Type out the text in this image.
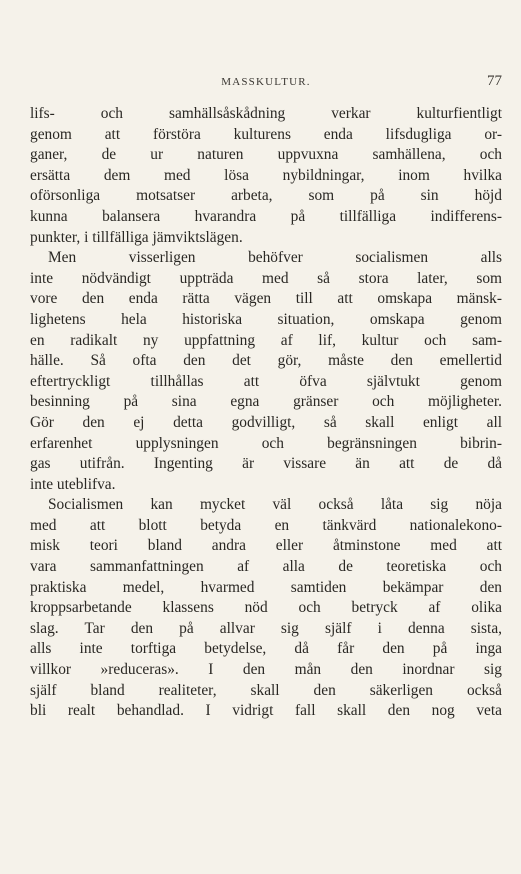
MASSKULTUR.	77
lifs- och samhällsåskådning verkar kulturfientligt
genom att förstöra kulturens enda lifsdugliga or-
ganer, de ur naturen uppvuxna samhällena, och
ersätta dem med lösa nybildningar, inom hvilka
oförsonliga motsatser arbeta, som på sin höjd
kunna balansera hvarandra på tillfälliga indifferens-
punkter, i tillfälliga jämviktslägen.
Men visserligen behöfver socialismen alls
inte nödvändigt uppträda med så stora later, som
vore den enda rätta vägen till att omskapa mänsk-
lighetens hela historiska situation, omskapa genom
en radikalt ny uppfattning af lif, kultur och sam-
hälle. Så ofta den det gör, måste den emellertid
eftertryckligt tillhållas att öfva självtukt genom
besinning på sina egna gränser och möjligheter.
Gör den ej detta godvilligt, så skall enligt all
erfarenhet upplysningen och begränsningen bibrin-
gas utifrån. Ingenting är vissare än att de då
inte uteblifva.
Socialismen kan mycket väl också låta sig nöja
med att blott betyda en tänkvärd nationalekono-
misk teori bland andra eller åtminstone med att
vara sammanfattningen af alla de teoretiska och
praktiska medel, hvarmed samtiden bekämpar den
kroppsarbetande klassens nöd och betryck af olika
slag. Tar den på allvar sig själf i denna sista,
alls inte torftiga betydelse, då får den på inga
villkor »reduceras». I den mån den inordnar sig
själf bland realiteter, skall den säkerligen också
bli realt behandlad. I vidrigt fall skall den nog veta
